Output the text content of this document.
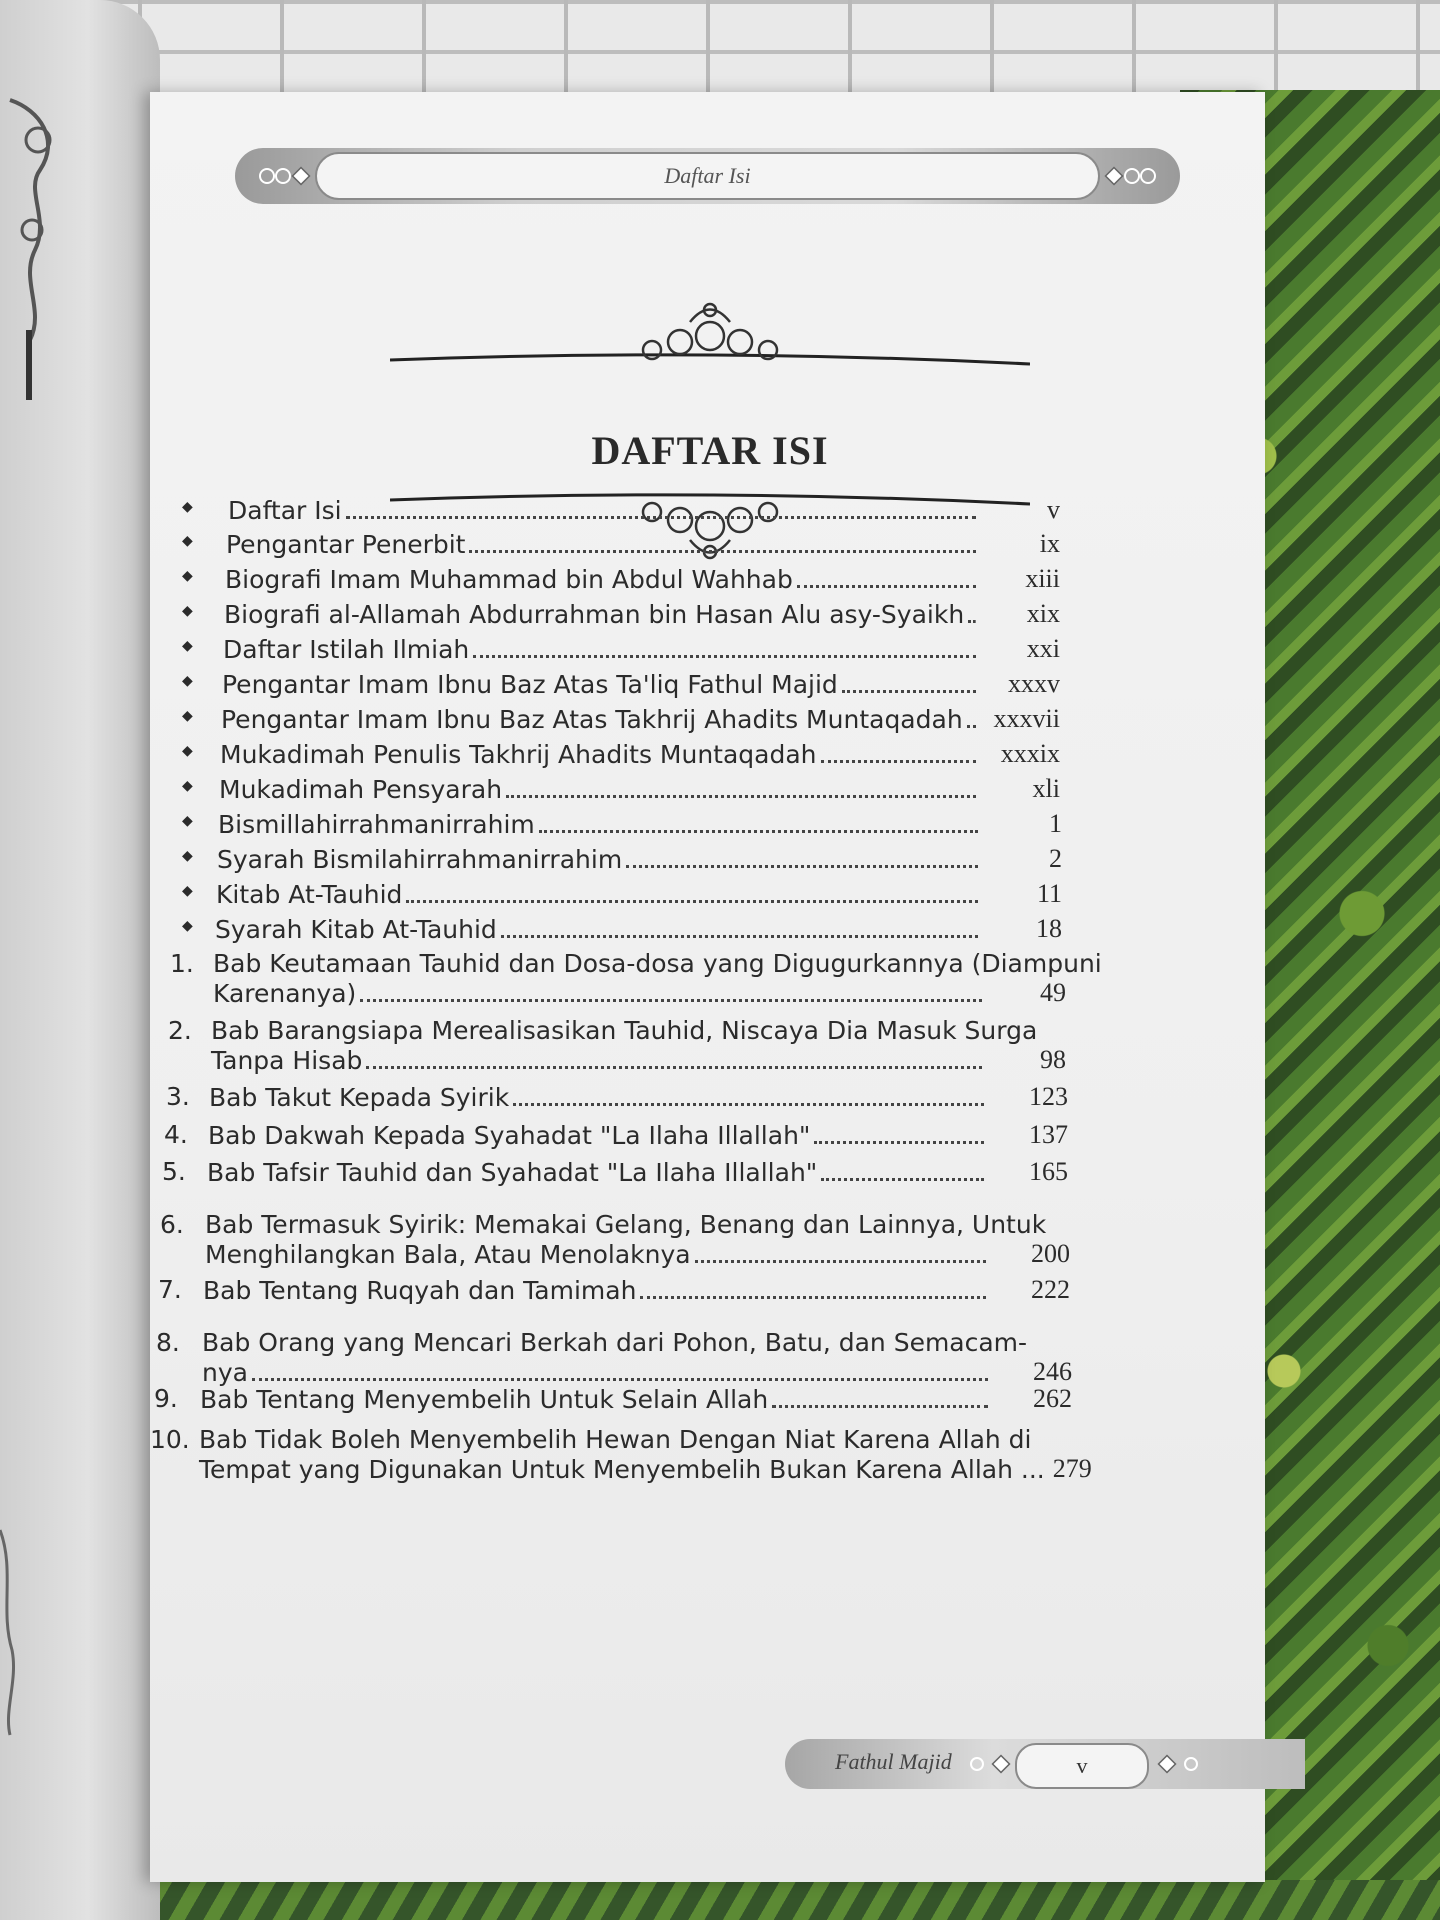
Daftar Isi
DAFTAR ISI
◆ Daftar Isi	v
◆ Pengantar Penerbit	ix
◆ Biografi Imam Muhammad bin Abdul Wahhab	xiii
◆ Biografi al-Allamah Abdurrahman bin Hasan Alu asy-Syaikh	xix
◆ Daftar Istilah Ilmiah	xxi
◆ Pengantar Imam Ibnu Baz Atas Ta'liq Fathul Majid	xxxv
◆ Pengantar Imam Ibnu Baz Atas Takhrij Ahadits Muntaqadah	xxxvii
◆ Mukadimah Penulis Takhrij Ahadits Muntaqadah	xxxix
◆ Mukadimah Pensyarah	xli
◆ Bismillahirrahmanirrahim	1
◆ Syarah Bismilahirrahmanirrahim	2
◆ Kitab At-Tauhid	11
◆ Syarah Kitab At-Tauhid	18
1. Bab Keutamaan Tauhid dan Dosa-dosa yang Digugurkannya (Diampuni
Karenanya)	49
2. Bab Barangsiapa Merealisasikan Tauhid, Niscaya Dia Masuk Surga
Tanpa Hisab	98
3. Bab Takut Kepada Syirik	123
4. Bab Dakwah Kepada Syahadat "La Ilaha Illallah"	137
5. Bab Tafsir Tauhid dan Syahadat "La Ilaha Illallah"	165
6. Bab Termasuk Syirik: Memakai Gelang, Benang dan Lainnya, Untuk
Menghilangkan Bala, Atau Menolaknya	200
7. Bab Tentang Ruqyah dan Tamimah	222
8. Bab Orang yang Mencari Berkah dari Pohon, Batu, dan Semacam-
nya	246
9. Bab Tentang Menyembelih Untuk Selain Allah	262
10. Bab Tidak Boleh Menyembelih Hewan Dengan Niat Karena Allah di
Tempat yang Digunakan Untuk Menyembelih Bukan Karena Allah ... 279
Fathul Majid	v
